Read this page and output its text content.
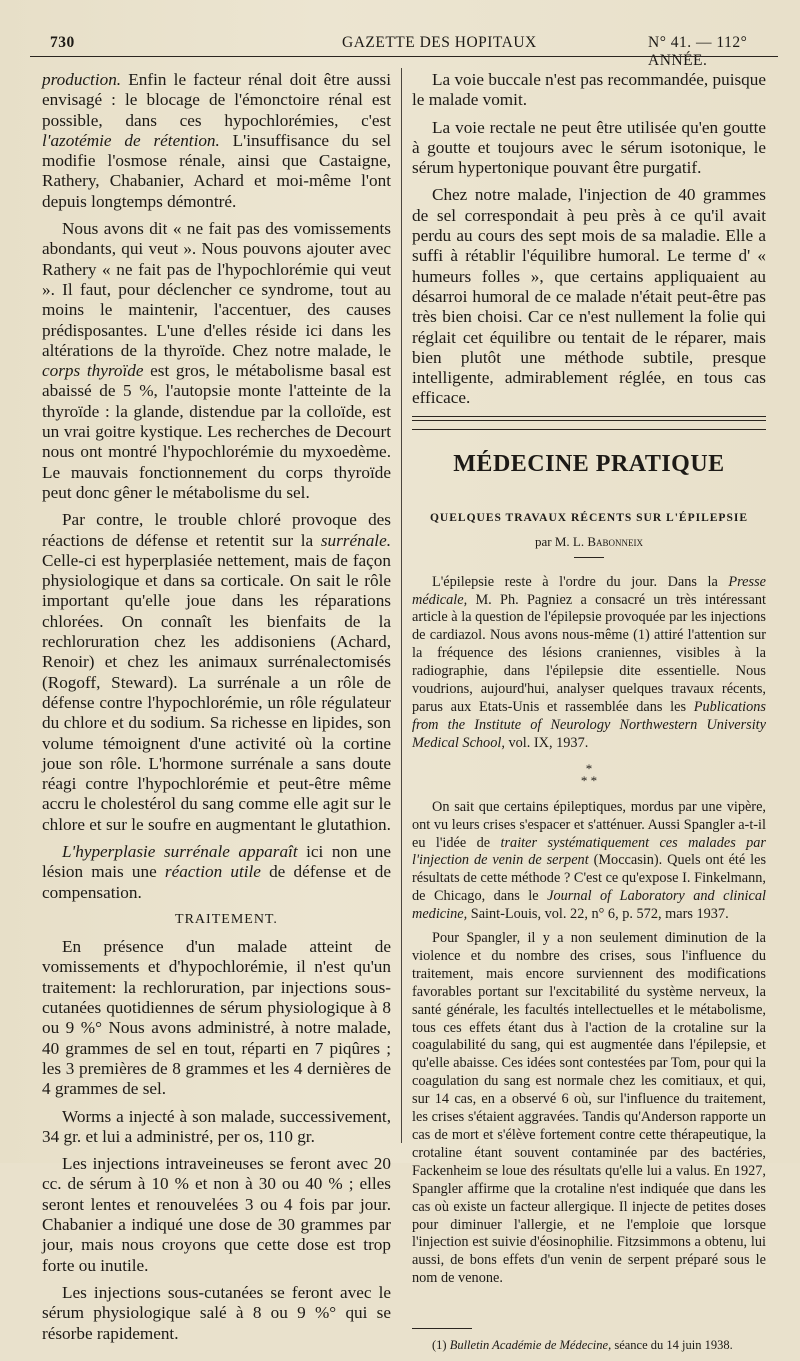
730	GAZETTE DES HOPITAUX	N° 41. — 112° ANNÉE.

production. Enfin le facteur rénal doit être aussi envisagé : le blocage de l'émonctoire rénal est possible, dans ces hypochlorémies, c'est l'azotémie de rétention. L'insuffisance du sel modifie l'osmose rénale, ainsi que Castaigne, Rathery, Chabanier, Achard et moi-même l'ont depuis longtemps démontré.

Nous avons dit « ne fait pas des vomissements abondants, qui veut ». Nous pouvons ajouter avec Rathery « ne fait pas de l'hypochlorémie qui veut ». Il faut, pour déclencher ce syndrome, tout au moins le maintenir, l'accentuer, des causes prédisposantes. L'une d'elles réside ici dans les altérations de la thyroïde. Chez notre malade, le corps thyroïde est gros, le métabolisme basal est abaissé de 5 %, l'autopsie monte l'atteinte de la thyroïde : la glande, distendue par la colloïde, est un vrai goitre kystique. Les recherches de Decourt nous ont montré l'hypochlorémie du myxoedème. Le mauvais fonctionnement du corps thyroïde peut donc gêner le métabolisme du sel.

Par contre, le trouble chloré provoque des réactions de défense et retentit sur la surrénale. Celle-ci est hyperplasiée nettement, mais de façon physiologique et dans sa corticale. On sait le rôle important qu'elle joue dans les réparations chlorées. On connaît les bienfaits de la rechloruration chez les addisoniens (Achard, Renoir) et chez les animaux surrénalectomisés (Rogoff, Steward). La surrénale a un rôle de défense contre l'hypochlorémie, un rôle régulateur du chlore et du sodium. Sa richesse en lipides, son volume témoignent d'une activité où la cortine joue son rôle. L'hormone surrénale a sans doute réagi contre l'hypochlorémie et peut-être même accru le cholestérol du sang comme elle agit sur le chlore et sur le soufre en augmentant le glutathion.

L'hyperplasie surrénale apparaît ici non une lésion mais une réaction utile de défense et de compensation.

TRAITEMENT.

En présence d'un malade atteint de vomissements et d'hypochlorémie, il n'est qu'un traitement: la rechloruration, par injections sous-cutanées quotidiennes de sérum physiologique à 8 ou 9 %° Nous avons administré, à notre malade, 40 grammes de sel en tout, réparti en 7 piqûres ; les 3 premières de 8 grammes et les 4 dernières de 4 grammes de sel.

Worms a injecté à son malade, successivement, 34 gr. et lui a administré, per os, 110 gr.

Les injections intraveineuses se feront avec 20 cc. de sérum à 10 % et non à 30 ou 40 % ; elles seront lentes et renouvelées 3 ou 4 fois par jour. Chabanier a indiqué une dose de 30 grammes par jour, mais nous croyons que cette dose est trop forte ou inutile.

Les injections sous-cutanées se feront avec le sérum physiologique salé à 8 ou 9 %° qui se résorbe rapidement.

La voie buccale n'est pas recommandée, puisque le malade vomit.

La voie rectale ne peut être utilisée qu'en goutte à goutte et toujours avec le sérum isotonique, le sérum hypertonique pouvant être purgatif.

Chez notre malade, l'injection de 40 grammes de sel correspondait à peu près à ce qu'il avait perdu au cours des sept mois de sa maladie. Elle a suffi à rétablir l'équilibre humoral. Le terme d' « humeurs folles », que certains appliquaient au désarroi humoral de ce malade n'était peut-être pas très bien choisi. Car ce n'est nullement la folie qui réglait cet équilibre ou tentait de le réparer, mais bien plutôt une méthode subtile, presque intelligente, admirablement réglée, en tous cas efficace.

MÉDECINE PRATIQUE
QUELQUES TRAVAUX RÉCENTS SUR L'ÉPILEPSIE
par M. L. Babonneix

L'épilepsie reste à l'ordre du jour. Dans la Presse médicale, M. Ph. Pagniez a consacré un très intéressant article à la question de l'épilepsie provoquée par les injections de cardiazol. Nous avons nous-même (1) attiré l'attention sur la fréquence des lésions craniennes, visibles à la radiographie, dans l'épilepsie dite essentielle. Nous voudrions, aujourd'hui, analyser quelques travaux récents, parus aux Etats-Unis et rassemblée dans les Publications from the Institute of Neurology Northwestern University Medical School, vol. IX, 1937.

*
* *

On sait que certains épileptiques, mordus par une vipère, ont vu leurs crises s'espacer et s'atténuer. Aussi Spangler a-t-il eu l'idée de traiter systématiquement ces malades par l'injection de venin de serpent (Moccasin). Quels ont été les résultats de cette méthode ? C'est ce qu'expose I. Finkelmann, de Chicago, dans le Journal of Laboratory and clinical medicine, Saint-Louis, vol. 22, n° 6, p. 572, mars 1937.

Pour Spangler, il y a non seulement diminution de la violence et du nombre des crises, sous l'influence du traitement, mais encore surviennent des modifications favorables portant sur l'excitabilité du système nerveux, la santé générale, les facultés intellectuelles et le métabolisme, tous ces effets étant dus à l'action de la crotaline sur la coagulabilité du sang, qui est augmentée dans l'épilepsie, et qu'elle abaisse. Ces idées sont contestées par Tom, pour qui la coagulation du sang est normale chez les comitiaux, et qui, sur 14 cas, en a observé 6 où, sur l'influence du traitement, les crises s'étaient aggravées. Tandis qu'Anderson rapporte un cas de mort et s'élève fortement contre cette thérapeutique, la crotaline étant souvent contaminée par des bactéries, Fackenheim se loue des résultats qu'elle lui a valus. En 1927, Spangler affirme que la crotaline n'est indiquée que dans les cas où existe un facteur allergique. Il injecte de petites doses pour diminuer l'allergie, et ne l'emploie que lorsque l'injection est suivie d'éosinophilie. Fitzsimmons a obtenu, lui aussi, de bons effets d'un venin de serpent préparé sous le nom de venone.

(1) Bulletin Académie de Médecine, séance du 14 juin 1938.
